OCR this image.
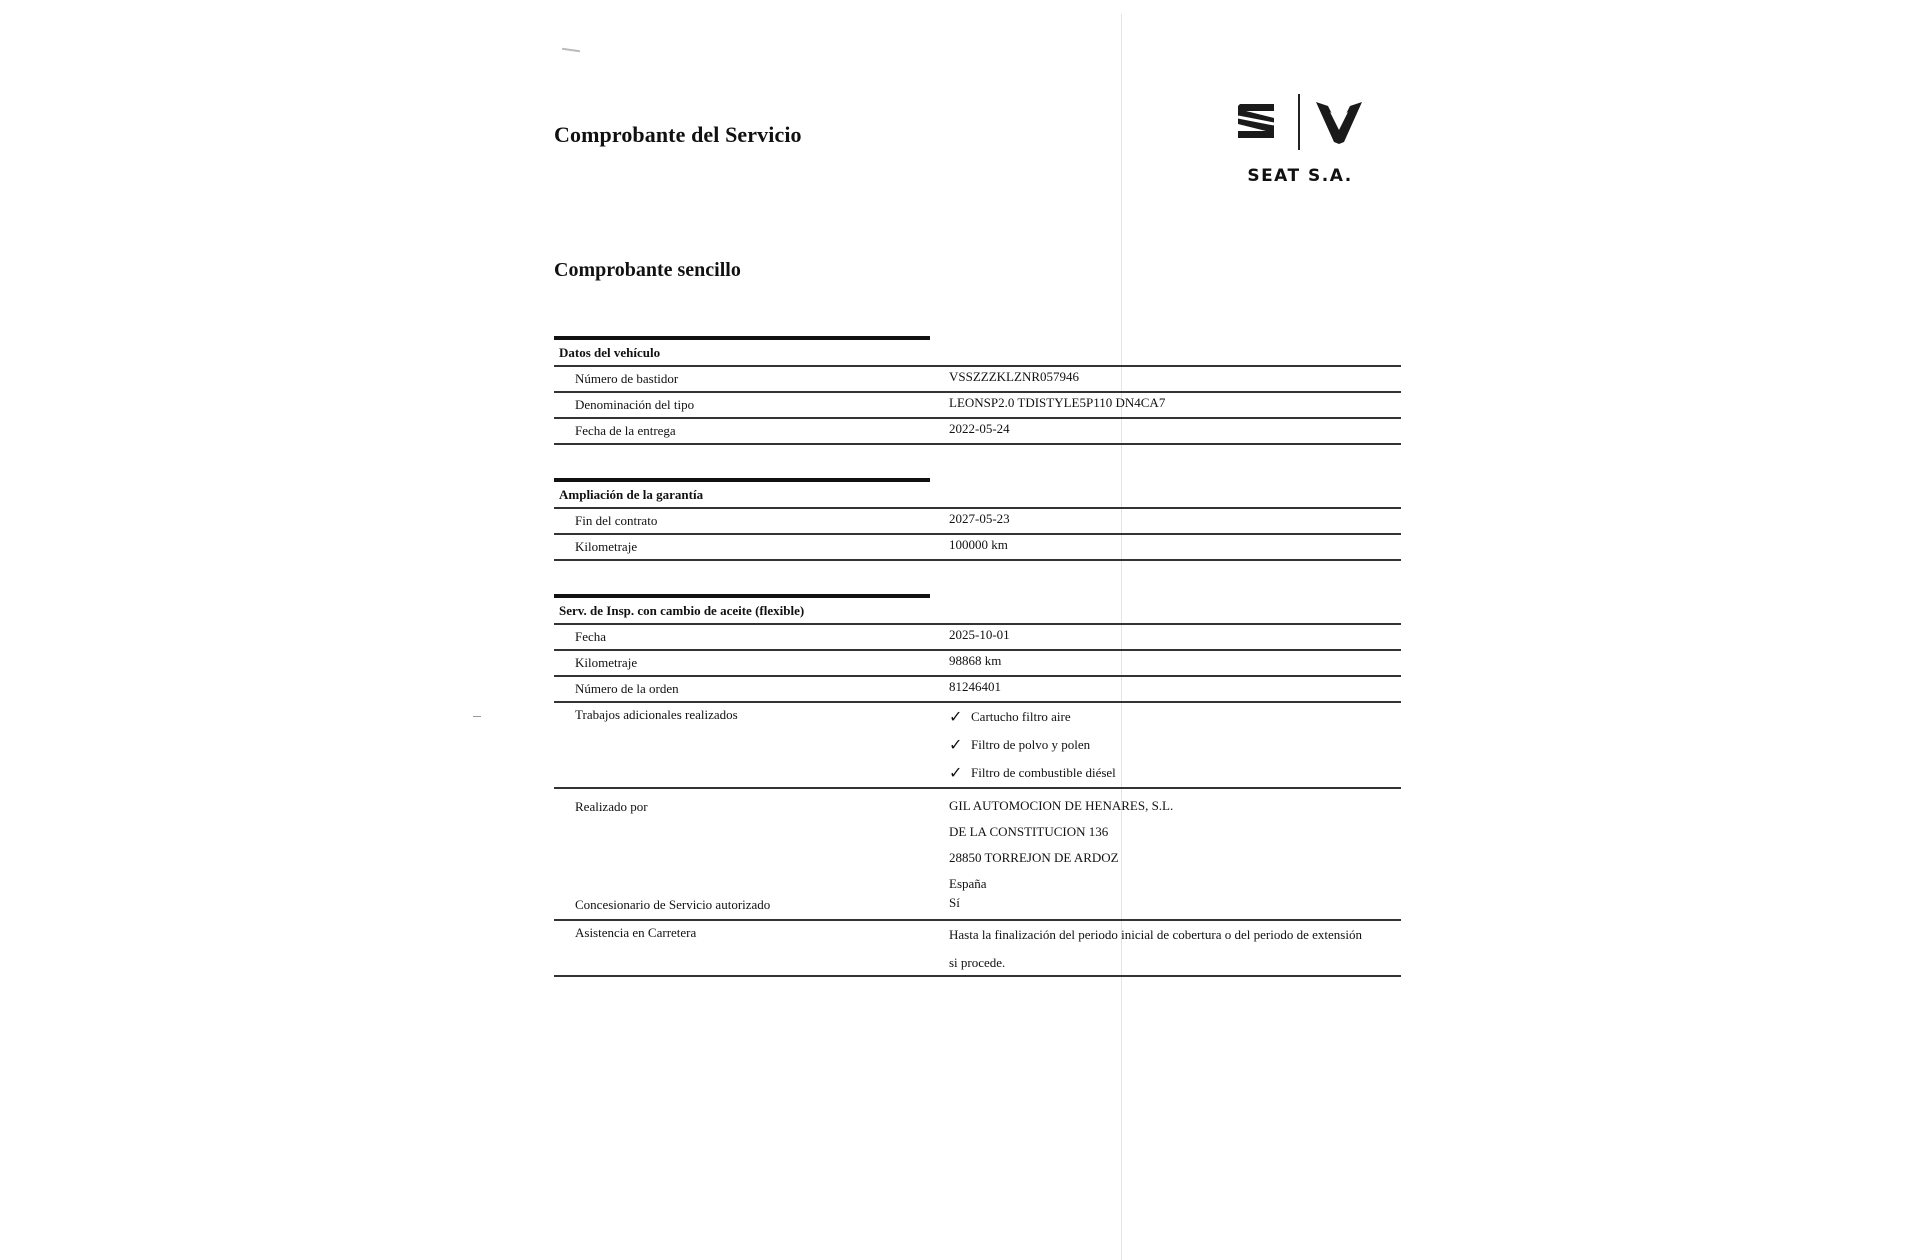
Comprobante del Servicio
Comprobante sencillo
SEAT S.A.
Datos del vehículo
Número de bastidor	VSSZZZKLZNR057946
Denominación del tipo	LEONSP2.0 TDISTYLE5P110 DN4CA7
Fecha de la entrega	2022-05-24
Ampliación de la garantía
Fin del contrato	2027-05-23
Kilometraje	100000 km
Serv. de Insp. con cambio de aceite (flexible)
Fecha	2025-10-01
Kilometraje	98868 km
Número de la orden	81246401
Trabajos adicionales realizados	✓ Cartucho filtro aire
✓ Filtro de polvo y polen
✓ Filtro de combustible diésel
Realizado por	GIL AUTOMOCION DE HENARES, S.L.
DE LA CONSTITUCION 136
28850 TORREJON DE ARDOZ
España
Concesionario de Servicio autorizado	Sí
Asistencia en Carretera	Hasta la finalización del periodo inicial de cobertura o del periodo de extensión
si procede.
